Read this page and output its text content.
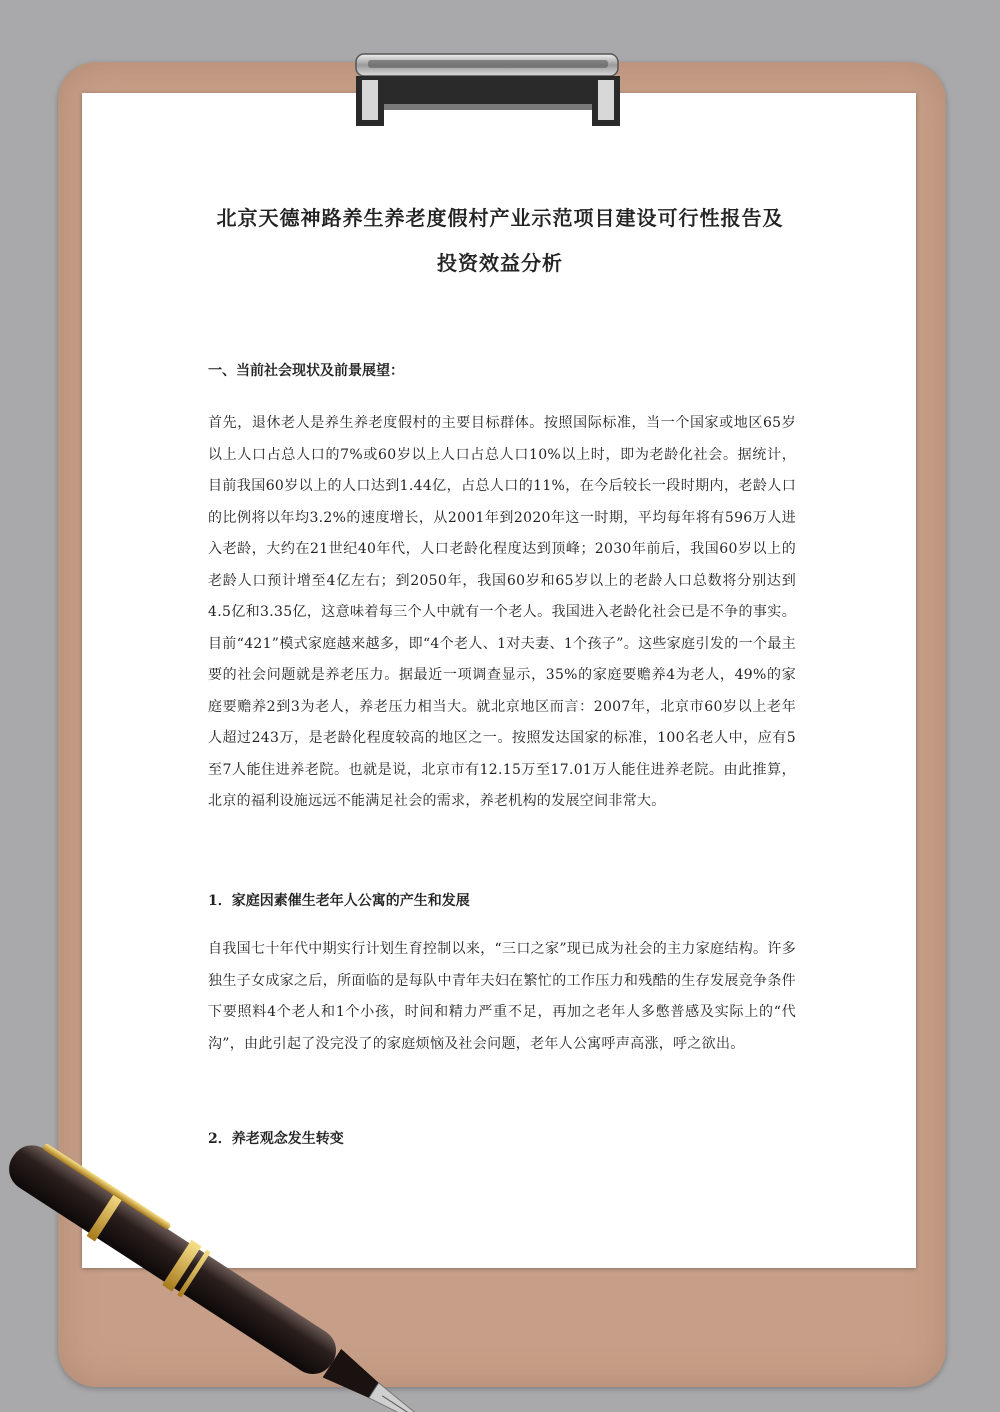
北京天德神路养生养老度假村产业示范项目建设可行性报告及
投资效益分析
一、当前社会现状及前景展望：
首先，退休老人是养生养老度假村的主要目标群体。按照国际标准，当一个国家或地区65岁以上人口占总人口的7%或60岁以上人口占总人口10%以上时，即为老龄化社会。据统计，目前我国60岁以上的人口达到1.44亿，占总人口的11%，在今后较长一段时期内，老龄人口的比例将以年均3.2%的速度增长，从2001年到2020年这一时期，平均每年将有596万人进入老龄，大约在21世纪40年代，人口老龄化程度达到顶峰；2030年前后，我国60岁以上的老龄人口预计增至4亿左右；到2050年，我国60岁和65岁以上的老龄人口总数将分别达到4.5亿和3.35亿，这意味着每三个人中就有一个老人。我国进入老龄化社会已是不争的事实。目前“421”模式家庭越来越多，即“4个老人、1对夫妻、1个孩子”。这些家庭引发的一个最主要的社会问题就是养老压力。据最近一项调查显示，35%的家庭要赡养4为老人，49%的家庭要赡养2到3为老人，养老压力相当大。就北京地区而言：2007年，北京市60岁以上老年人超过243万，是老龄化程度较高的地区之一。按照发达国家的标准，100名老人中，应有5至7人能住进养老院。也就是说，北京市有12.15万至17.01万人能住进养老院。由此推算，北京的福利设施远远不能满足社会的需求，养老机构的发展空间非常大。
1．家庭因素催生老年人公寓的产生和发展
自我国七十年代中期实行计划生育控制以来，“三口之家”现已成为社会的主力家庭结构。许多独生子女成家之后，所面临的是每队中青年夫妇在繁忙的工作压力和残酷的生存发展竞争条件下要照料4个老人和1个小孩，时间和精力严重不足，再加之老年人多憋普感及实际上的“代沟”，由此引起了没完没了的家庭烦恼及社会问题，老年人公寓呼声高涨，呼之欲出。
2．养老观念发生转变
